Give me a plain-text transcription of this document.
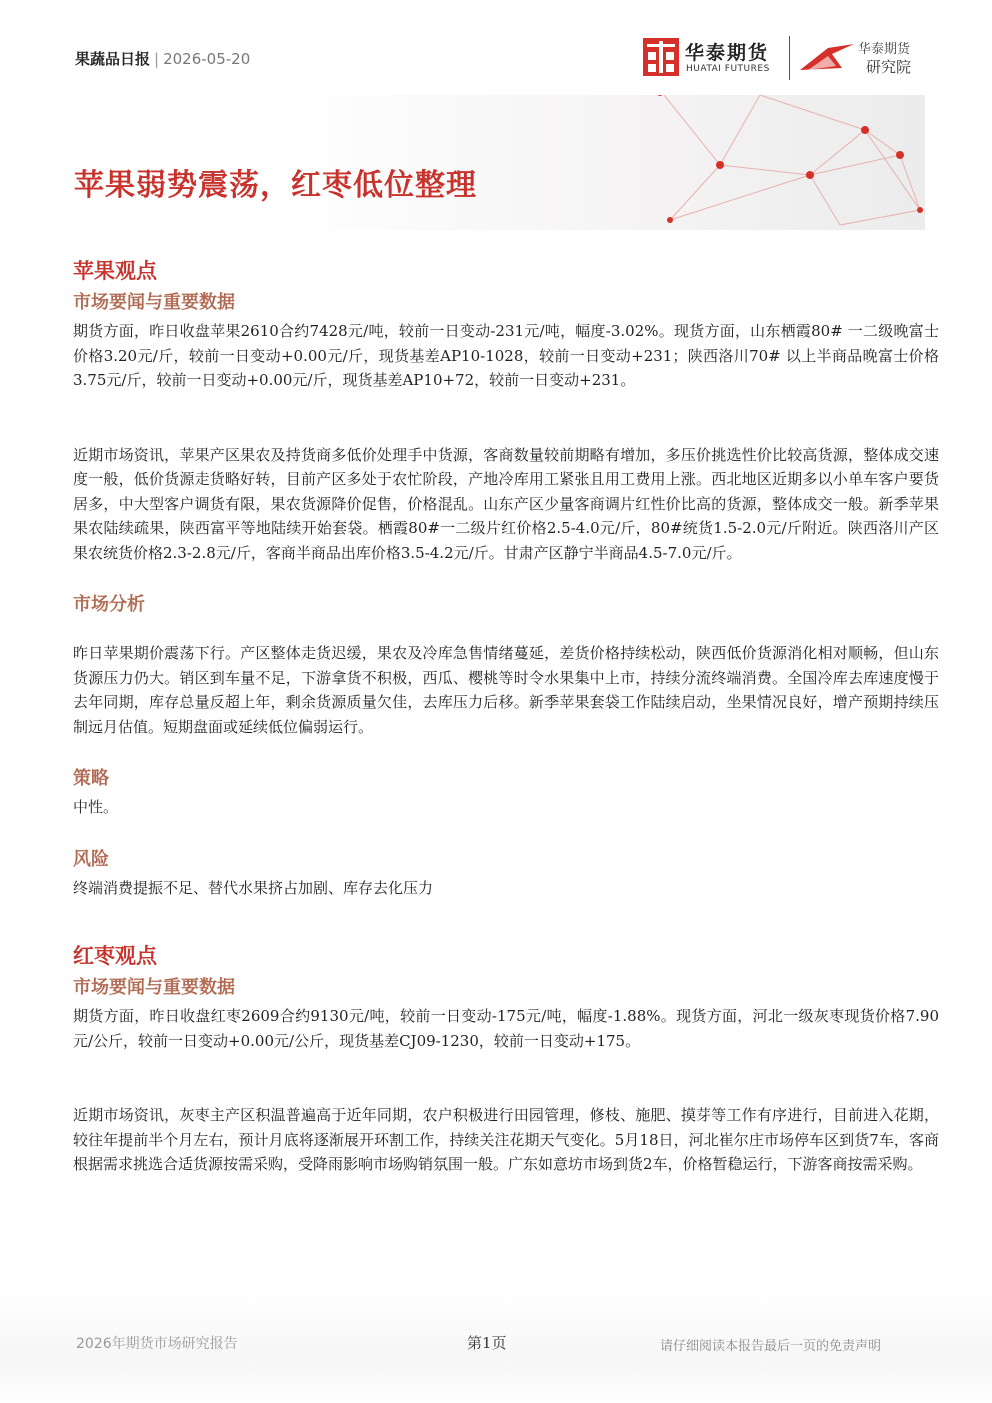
果蔬品日报 | 2026-05-20	华泰期货
HUATAI FUTURES
华泰期货
研究院
苹果弱势震荡，红枣低位整理
苹果观点
市场要闻与重要数据

期货方面，昨日收盘苹果2610合约7428元/吨，较前一日变动-231元/吨，幅度-3.02%。现货方面，山东栖霞80# 一二级晚富士价格3.20元/斤，较前一日变动+0.00元/斤，现货基差AP10-1028，较前一日变动+231；陕西洛川70# 以上半商品晚富士价格3.75元/斤，较前一日变动+0.00元/斤，现货基差AP10+72，较前一日变动+231。

近期市场资讯，苹果产区果农及持货商多低价处理手中货源，客商数量较前期略有增加，多压价挑选性价比较高货源，整体成交速度一般，低价货源走货略好转，目前产区多处于农忙阶段，产地冷库用工紧张且用工费用上涨。西北地区近期多以小单车客户要货居多，中大型客户调货有限，果农货源降价促售，价格混乱。山东产区少量客商调片红性价比高的货源，整体成交一般。新季苹果果农陆续疏果，陕西富平等地陆续开始套袋。栖霞80#一二级片红价格2.5-4.0元/斤，80#统货1.5-2.0元/斤附近。陕西洛川产区果农统货价格2.3-2.8元/斤，客商半商品出库价格3.5-4.2元/斤。甘肃产区静宁半商品4.5-7.0元/斤。

市场分析

昨日苹果期价震荡下行。产区整体走货迟缓，果农及冷库急售情绪蔓延，差货价格持续松动，陕西低价货源消化相对顺畅，但山东货源压力仍大。销区到车量不足，下游拿货不积极，西瓜、樱桃等时令水果集中上市，持续分流终端消费。全国冷库去库速度慢于去年同期，库存总量反超上年，剩余货源质量欠佳，去库压力后移。新季苹果套袋工作陆续启动，坐果情况良好，增产预期持续压制远月估值。短期盘面或延续低位偏弱运行。

策略

中性。

风险

终端消费提振不足、替代水果挤占加剧、库存去化压力

红枣观点
市场要闻与重要数据

期货方面，昨日收盘红枣2609合约9130元/吨，较前一日变动-175元/吨，幅度-1.88%。现货方面，河北一级灰枣现货价格7.90元/公斤，较前一日变动+0.00元/公斤，现货基差CJ09-1230，较前一日变动+175。

近期市场资讯，灰枣主产区积温普遍高于近年同期，农户积极进行田园管理，修枝、施肥、摸芽等工作有序进行，目前进入花期，较往年提前半个月左右，预计月底将逐渐展开环割工作，持续关注花期天气变化。5月18日，河北崔尔庄市场停车区到货7车，客商根据需求挑选合适货源按需采购，受降雨影响市场购销氛围一般。广东如意坊市场到货2车，价格暂稳运行，下游客商按需采购。

2026年期货市场研究报告	第1页	请仔细阅读本报告最后一页的免责声明
